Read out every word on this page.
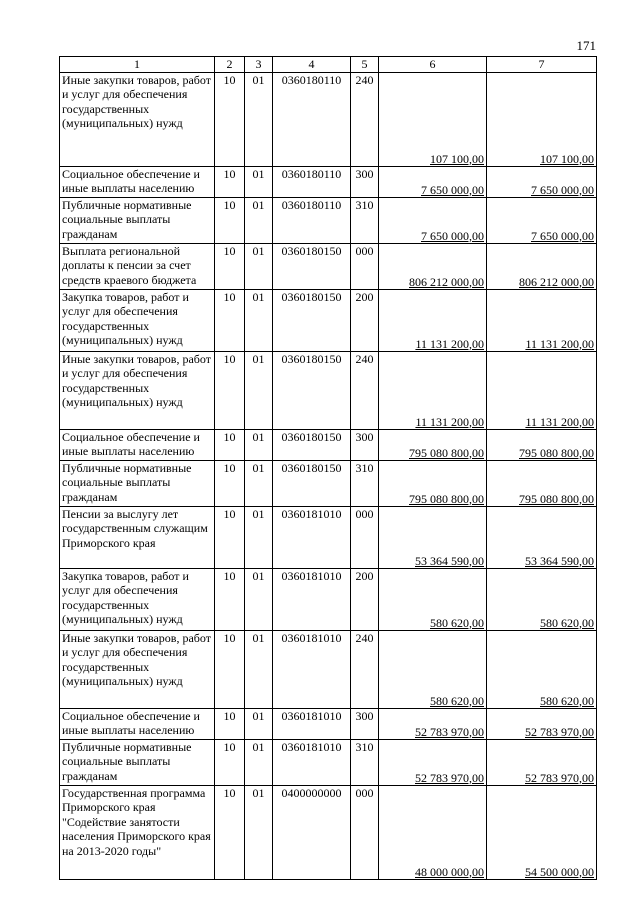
171
1	2	3	4	5	6	7
Иные закупки товаров, работ и услуг для обеспечения государственных (муниципальных) нужд	10	01	0360180110	240	107 100,00	107 100,00
Социальное обеспечение и иные выплаты населению	10	01	0360180110	300	7 650 000,00	7 650 000,00
Публичные нормативные социальные выплаты гражданам	10	01	0360180110	310	7 650 000,00	7 650 000,00
Выплата региональной доплаты к пенсии за счет средств краевого бюджета	10	01	0360180150	000	806 212 000,00	806 212 000,00
Закупка товаров, работ и услуг для обеспечения государственных (муниципальных) нужд	10	01	0360180150	200	11 131 200,00	11 131 200,00
Иные закупки товаров, работ и услуг для обеспечения государственных (муниципальных) нужд	10	01	0360180150	240	11 131 200,00	11 131 200,00
Социальное обеспечение и иные выплаты населению	10	01	0360180150	300	795 080 800,00	795 080 800,00
Публичные нормативные социальные выплаты гражданам	10	01	0360180150	310	795 080 800,00	795 080 800,00
Пенсии за выслугу лет государственным служащим Приморского края	10	01	0360181010	000	53 364 590,00	53 364 590,00
Закупка товаров, работ и услуг для обеспечения государственных (муниципальных) нужд	10	01	0360181010	200	580 620,00	580 620,00
Иные закупки товаров, работ и услуг для обеспечения государственных (муниципальных) нужд	10	01	0360181010	240	580 620,00	580 620,00
Социальное обеспечение и иные выплаты населению	10	01	0360181010	300	52 783 970,00	52 783 970,00
Публичные нормативные социальные выплаты гражданам	10	01	0360181010	310	52 783 970,00	52 783 970,00
Государственная программа Приморского края "Содействие занятости населения Приморского края на 2013-2020 годы"	10	01	0400000000	000	48 000 000,00	54 500 000,00
